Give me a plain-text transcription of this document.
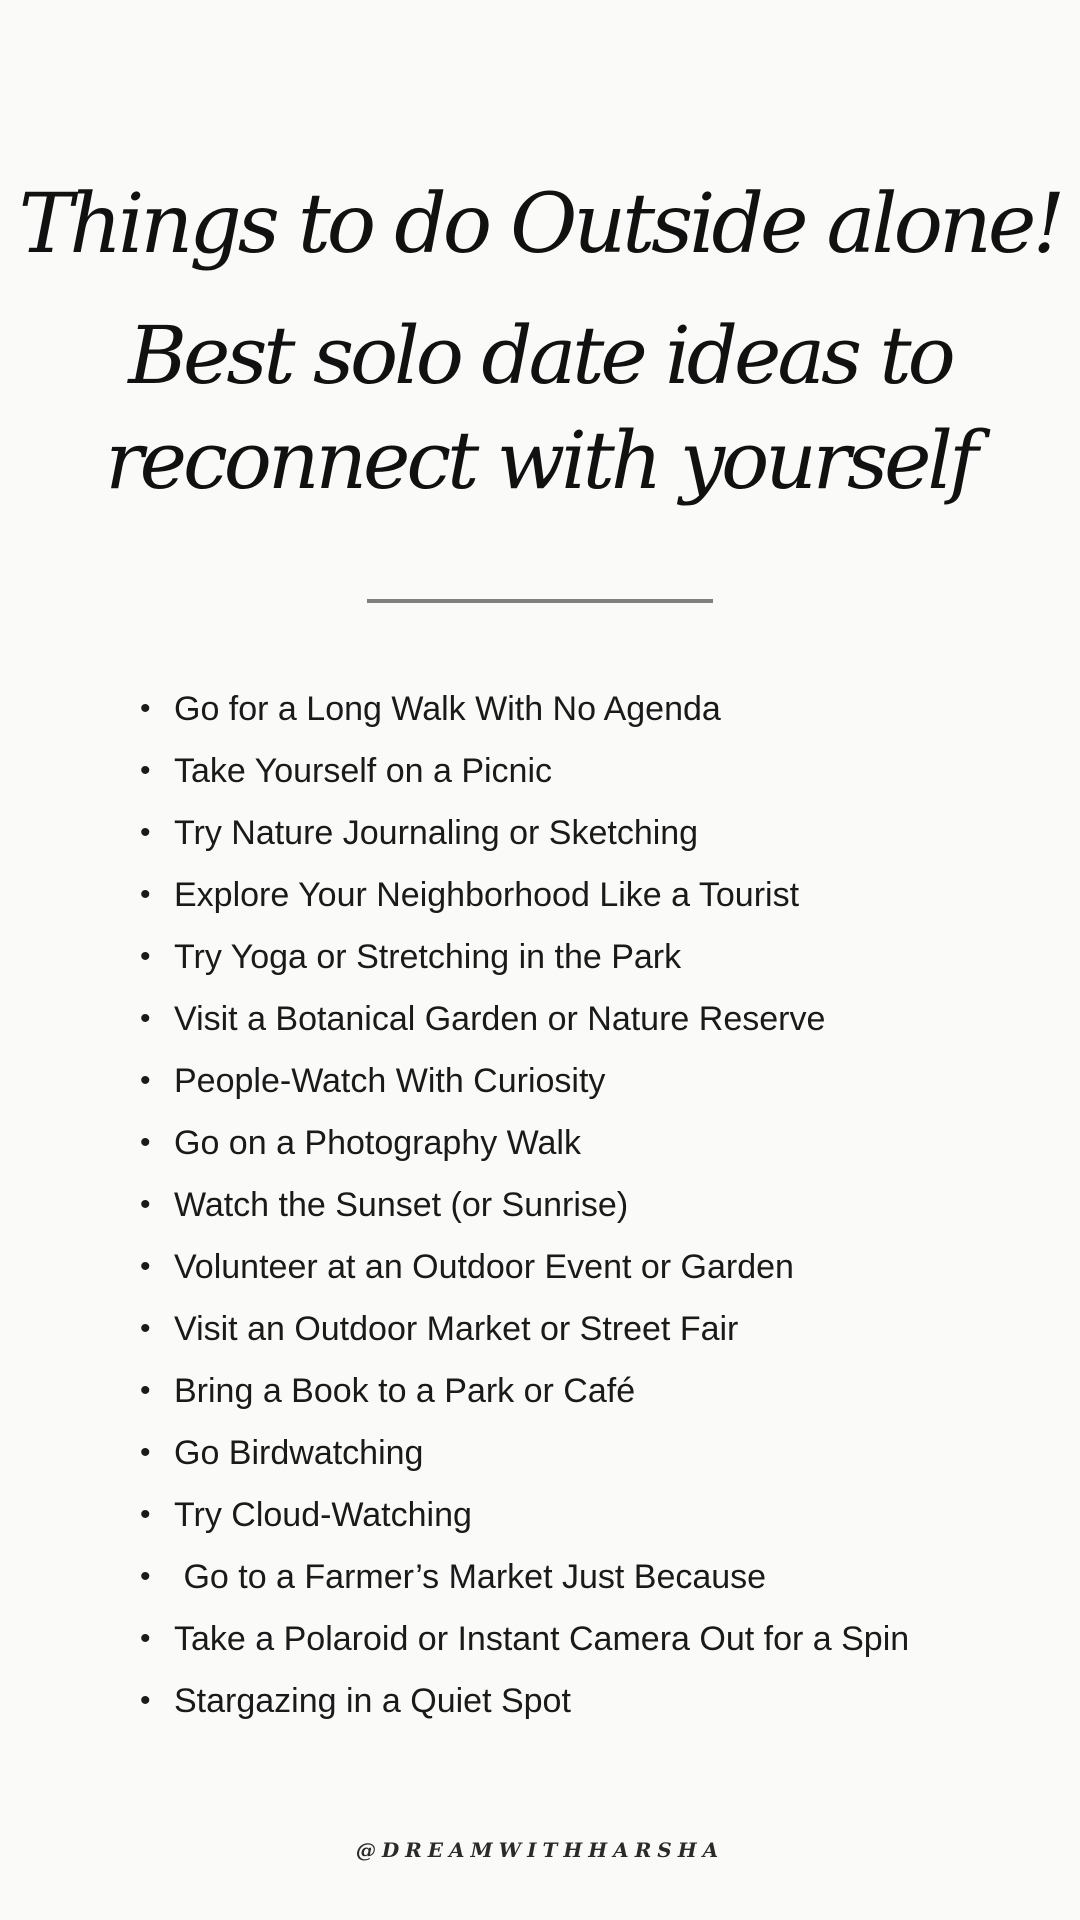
Things to do Outside alone!
Best solo date ideas to
reconnect with yourself
• Go for a Long Walk With No Agenda
• Take Yourself on a Picnic
• Try Nature Journaling or Sketching
• Explore Your Neighborhood Like a Tourist
• Try Yoga or Stretching in the Park
• Visit a Botanical Garden or Nature Reserve
• People-Watch With Curiosity
• Go on a Photography Walk
• Watch the Sunset (or Sunrise)
• Volunteer at an Outdoor Event or Garden
• Visit an Outdoor Market or Street Fair
• Bring a Book to a Park or Café
• Go Birdwatching
• Try Cloud-Watching
• Go to a Farmer’s Market Just Because
• Take a Polaroid or Instant Camera Out for a Spin
• Stargazing in a Quiet Spot
@DREAMWITHHARSHA
